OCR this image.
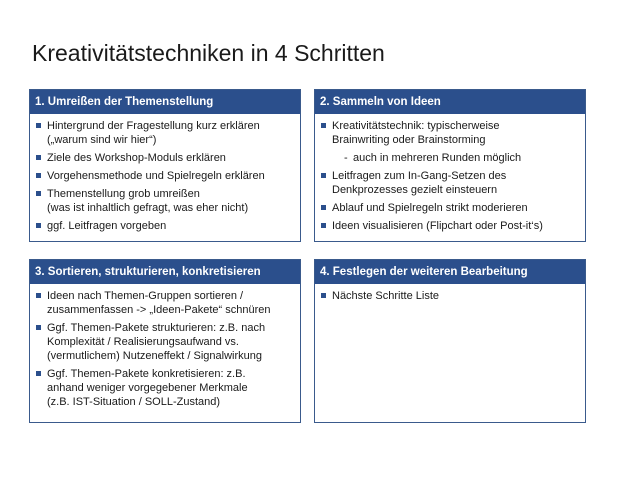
Kreativitätstechniken in 4 Schritten
1. Umreißen der Themenstellung
Hintergrund der Fragestellung kurz erklären
(„warum sind wir hier“)
Ziele des Workshop-Moduls erklären
Vorgehensmethode und Spielregeln erklären
Themenstellung grob umreißen
(was ist inhaltlich gefragt, was eher nicht)
ggf. Leitfragen vorgeben
2. Sammeln von Ideen
Kreativitätstechnik: typischerweise
Brainwriting oder Brainstorming
- auch in mehreren Runden möglich
Leitfragen zum In-Gang-Setzen des
Denkprozesses gezielt einsteuern
Ablauf und Spielregeln strikt moderieren
Ideen visualisieren (Flipchart oder Post-it‘s)
3. Sortieren, strukturieren, konkretisieren
Ideen nach Themen-Gruppen sortieren /
zusammenfassen -> „Ideen-Pakete“ schnüren
Ggf. Themen-Pakete strukturieren: z.B. nach
Komplexität / Realisierungsaufwand vs.
(vermutlichem) Nutzeneffekt / Signalwirkung
Ggf. Themen-Pakete konkretisieren: z.B.
anhand weniger vorgegebener Merkmale
(z.B. IST-Situation / SOLL-Zustand)
4. Festlegen der weiteren Bearbeitung
Nächste Schritte Liste
